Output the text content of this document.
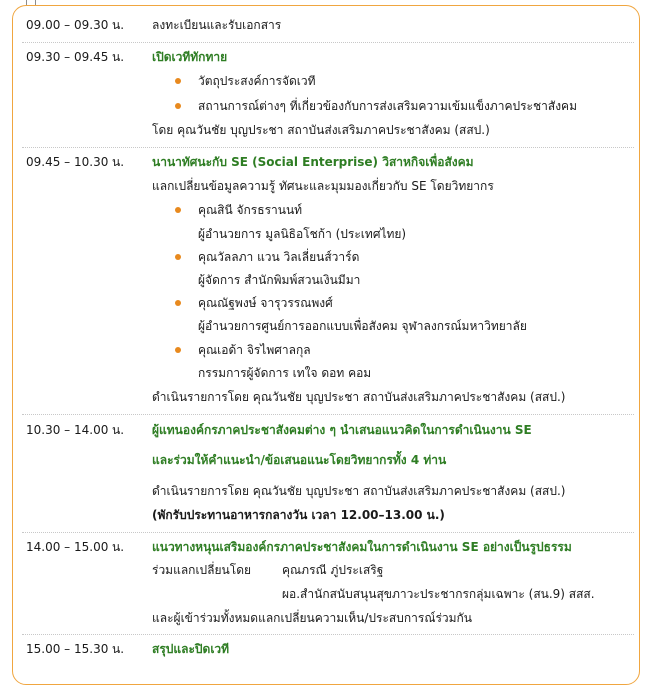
09.00 – 09.30 น. ลงทะเบียนและรับเอกสาร
09.30 – 09.45 น. เปิดเวทีทักทาย
วัตถุประสงค์การจัดเวที
สถานการณ์ต่างๆ ที่เกี่ยวข้องกับการส่งเสริมความเข้มแข็งภาคประชาสังคม
โดย คุณวันชัย บุญประชา สถาบันส่งเสริมภาคประชาสังคม (สสป.)
09.45 – 10.30 น. นานาทัศนะกับ SE (Social Enterprise) วิสาหกิจเพื่อสังคม
แลกเปลี่ยนข้อมูลความรู้ ทัศนะและมุมมองเกี่ยวกับ SE โดยวิทยากร
คุณสินี จักรธรานนท์
ผู้อำนวยการ มูลนิธิอโชก้า (ประเทศไทย)
คุณวัลลภา แวน วิลเลี่ยนส์วาร์ด
ผู้จัดการ สำนักพิมพ์สวนเงินมีมา
คุณณัฐพงษ์ จารุวรรณพงศ์
ผู้อำนวยการศูนย์การออกแบบเพื่อสังคม จุฬาลงกรณ์มหาวิทยาลัย
คุณเอด้า จิรไพศาลกุล
กรรมการผู้จัดการ เทใจ ดอท คอม
ดำเนินรายการโดย คุณวันชัย บุญประชา สถาบันส่งเสริมภาคประชาสังคม (สสป.)
10.30 – 14.00 น. ผู้แทนองค์กรภาคประชาสังคมต่าง ๆ นำเสนอแนวคิดในการดำเนินงาน SE
และร่วมให้คำแนะนำ/ข้อเสนอแนะโดยวิทยากรทั้ง 4 ท่าน
ดำเนินรายการโดย คุณวันชัย บุญประชา สถาบันส่งเสริมภาคประชาสังคม (สสป.)
(พักรับประทานอาหารกลางวัน เวลา 12.00–13.00 น.)
14.00 – 15.00 น. แนวทางหนุนเสริมองค์กรภาคประชาสังคมในการดำเนินงาน SE อย่างเป็นรูปธรรม
ร่วมแลกเปลี่ยนโดย	คุณภรณี ภู่ประเสริฐ
ผอ.สำนักสนับสนุนสุขภาวะประชากรกลุ่มเฉพาะ (สน.9) สสส.
และผู้เข้าร่วมทั้งหมดแลกเปลี่ยนความเห็น/ประสบการณ์ร่วมกัน
15.00 – 15.30 น. สรุปและปิดเวที
